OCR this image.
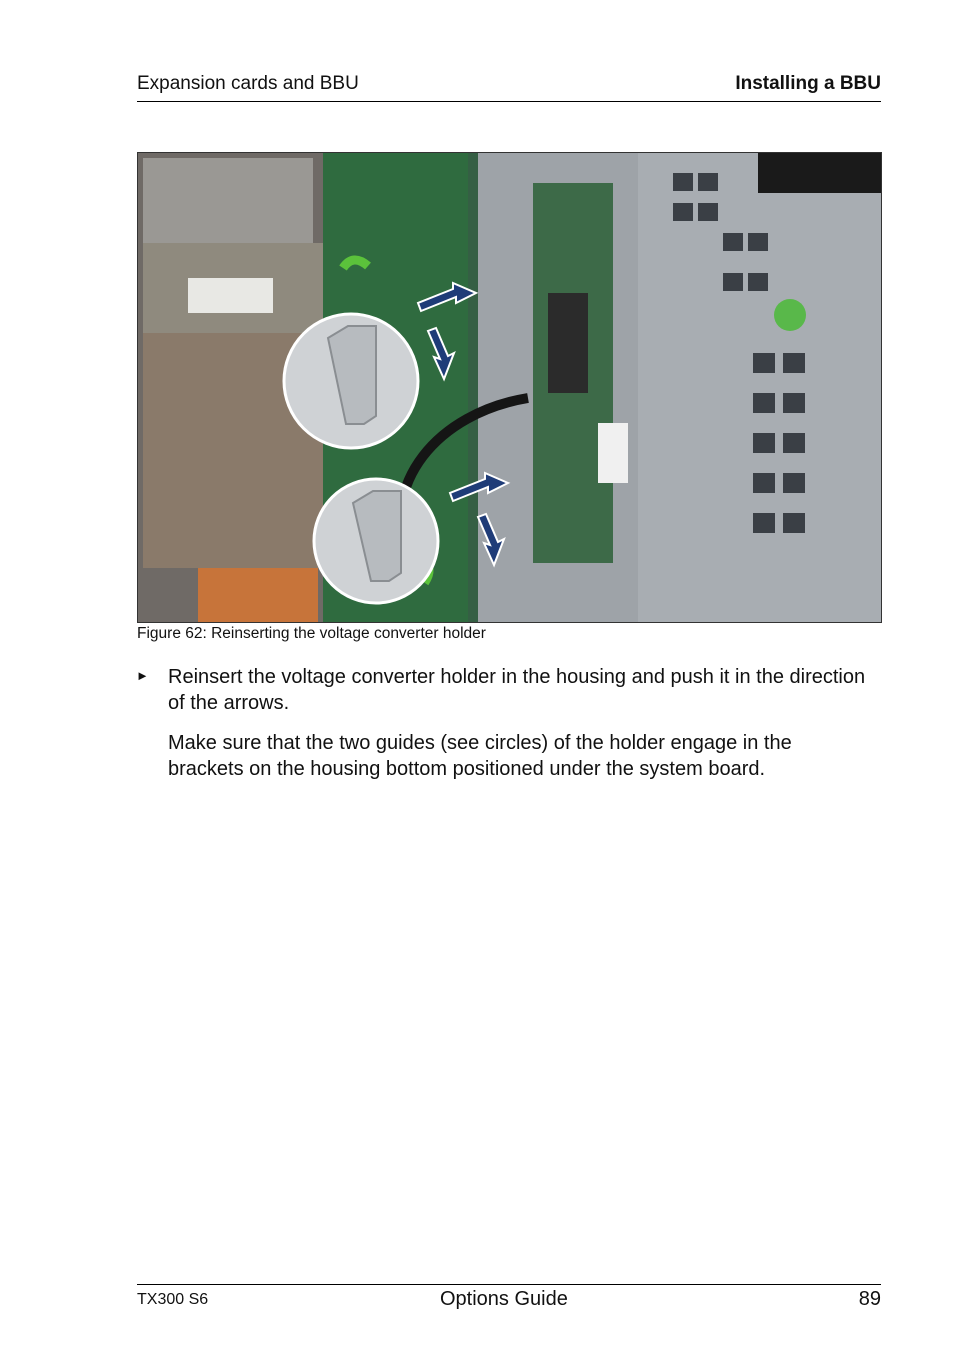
Expansion cards and BBU	Installing a BBU
Figure 62: Reinserting the voltage converter holder
► Reinsert the voltage converter holder in the housing and push it in the direction of the arrows.
Make sure that the two guides (see circles) of the holder engage in the brackets on the housing bottom positioned under the system board.
TX300 S6	Options Guide	89
